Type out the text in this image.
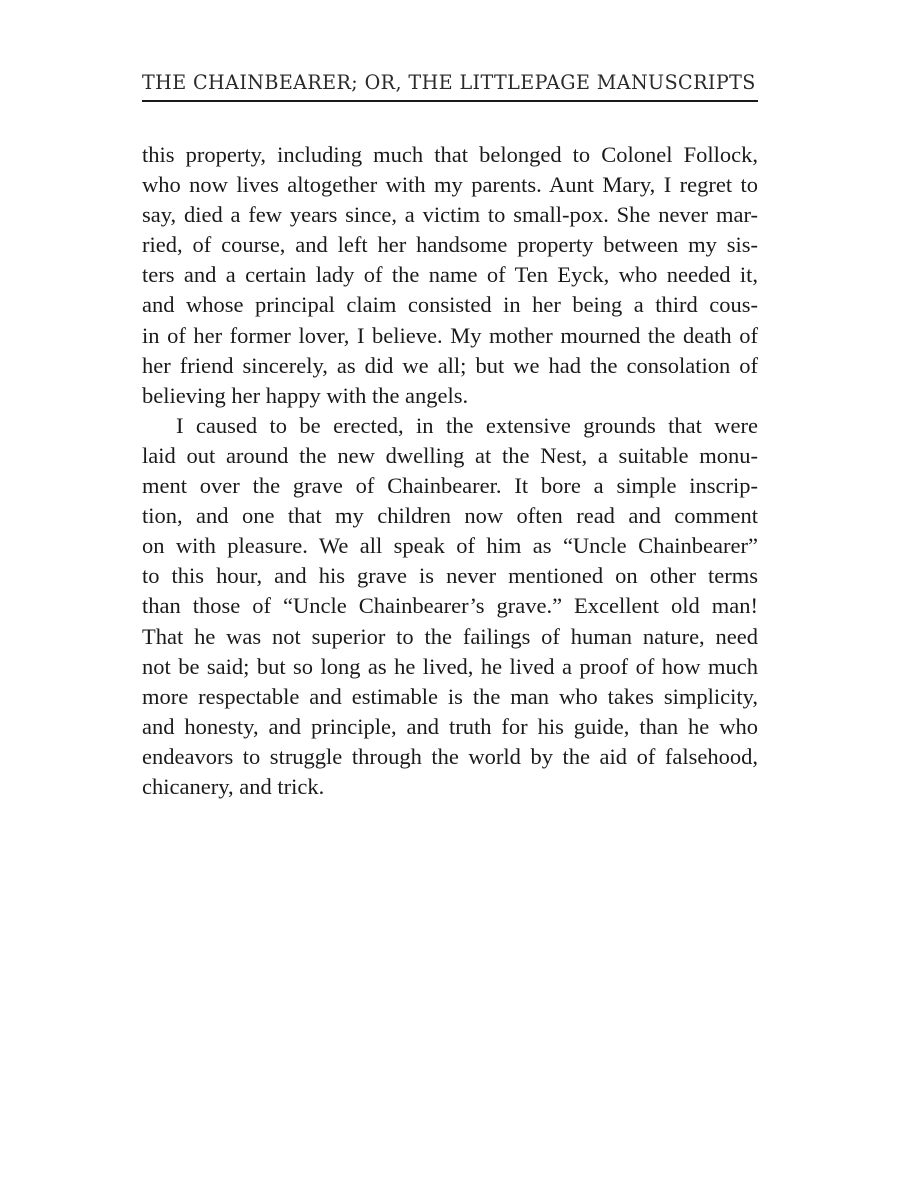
THE CHAINBEARER; OR, THE LITTLEPAGE MANUSCRIPTS
this property, including much that belonged to Colonel Follock,
who now lives altogether with my parents. Aunt Mary, I regret to
say, died a few years since, a victim to small-pox. She never mar-
ried, of course, and left her handsome property between my sis-
ters and a certain lady of the name of Ten Eyck, who needed it,
and whose principal claim consisted in her being a third cous-
in of her former lover, I believe. My mother mourned the death of
her friend sincerely, as did we all; but we had the consolation of
believing her happy with the angels.
I caused to be erected, in the extensive grounds that were
laid out around the new dwelling at the Nest, a suitable monu-
ment over the grave of Chainbearer. It bore a simple inscrip-
tion, and one that my children now often read and comment
on with pleasure. We all speak of him as “Uncle Chainbearer”
to this hour, and his grave is never mentioned on other terms
than those of “Uncle Chainbearer’s grave.” Excellent old man!
That he was not superior to the failings of human nature, need
not be said; but so long as he lived, he lived a proof of how much
more respectable and estimable is the man who takes simplicity,
and honesty, and principle, and truth for his guide, than he who
endeavors to struggle through the world by the aid of falsehood,
chicanery, and trick.
